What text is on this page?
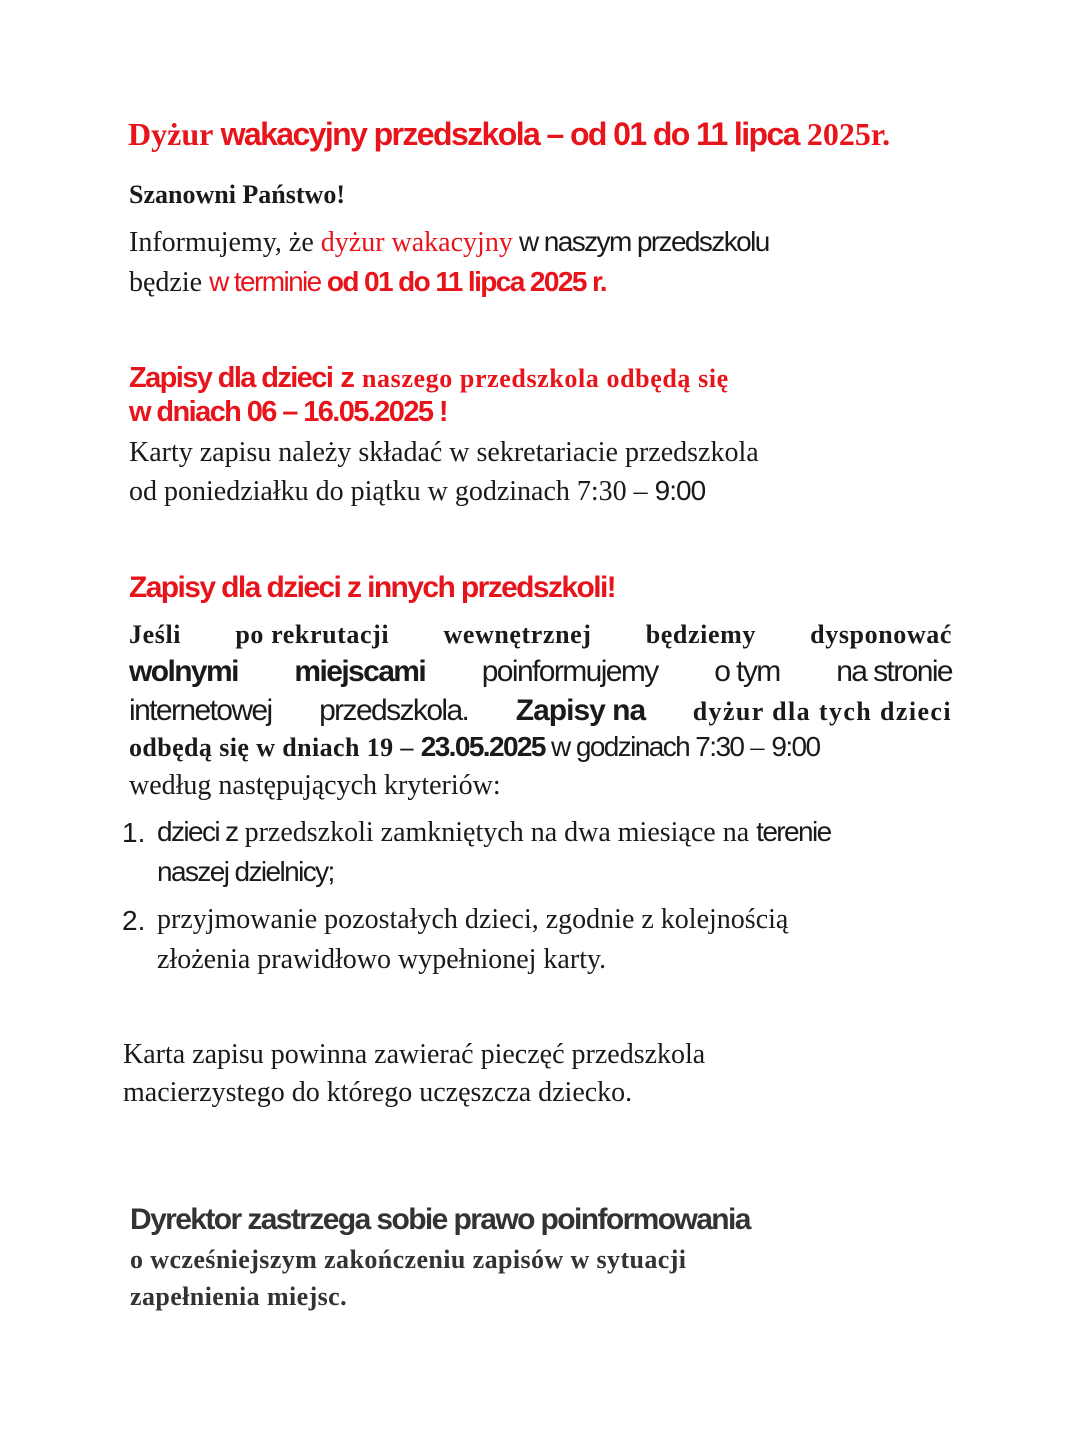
Dyżur wakacyjny przedszkola – od 01 do 11 lipca 2025r.

Szanowni Państwo!

Informujemy, że dyżur wakacyjny w naszym przedszkolu

będzie w terminie od 01 do 11 lipca 2025 r.

Zapisy dla dzieci z naszego przedszkola odbędą się

w dniach 06 – 16.05.2025 !

Karty zapisu należy składać w sekretariacie przedszkola

od poniedziałku do piątku w godzinach 7:30 – 9:00

Zapisy dla dzieci z innych przedszkoli!

Jeśli po rekrutacji wewnętrznej będziemy dysponować
wolnymi miejscami poinformujemy o tym na stronie
internetowej przedszkola. Zapisy na dyżur dla tych dzieci

odbędą się w dniach 19 – 23.05.2025 w godzinach 7:30 – 9:00

według następujących kryteriów:

1. dzieci z przedszkoli zamkniętych na dwa miesiące na terenie
naszej dzielnicy;
2. przyjmowanie pozostałych dzieci, zgodnie z kolejnością
złożenia prawidłowo wypełnionej karty.

Karta zapisu powinna zawierać pieczęć przedszkola

macierzystego do którego uczęszcza dziecko.

Dyrektor zastrzega sobie prawo poinformowania

o wcześniejszym zakończeniu zapisów w sytuacji

zapełnienia miejsc.
